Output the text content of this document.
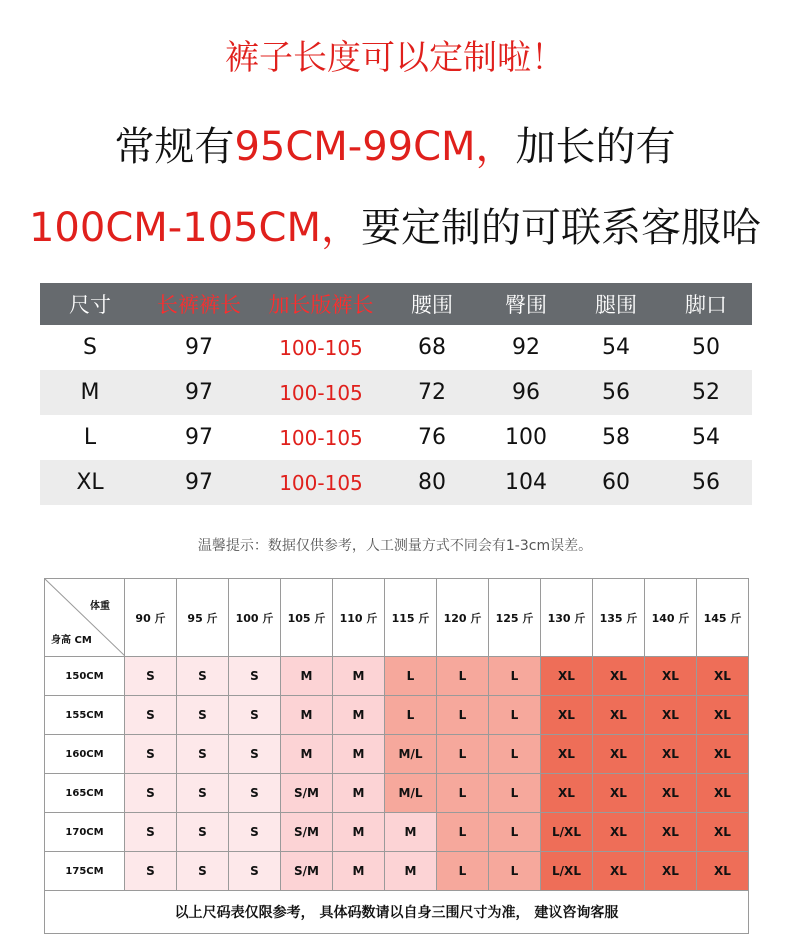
裤子长度可以定制啦！
常规有95CM-99CM，加长的有
100CM-105CM，要定制的可联系客服哈
尺寸	长裤裤长	加长版裤长	腰围	臀围	腿围	脚口
S	97	100-105	68	92	54	50
M	97	100-105	72	96	56	52
L	97	100-105	76	100	58	54
XL	97	100-105	80	104	60	56
温馨提示：数据仅供参考，人工测量方式不同会有1-3cm误差。
体重
身高 CM	90 斤	95 斤	100 斤	105 斤	110 斤	115 斤	120 斤	125 斤	130 斤	135 斤	140 斤	145 斤
150CM	S	S	S	M	M	L	L	L	XL	XL	XL	XL
155CM	S	S	S	M	M	L	L	L	XL	XL	XL	XL
160CM	S	S	S	M	M	M/L	L	L	XL	XL	XL	XL
165CM	S	S	S	S/M	M	M/L	L	L	XL	XL	XL	XL
170CM	S	S	S	S/M	M	M	L	L	L/XL	XL	XL	XL
175CM	S	S	S	S/M	M	M	L	L	L/XL	XL	XL	XL
以上尺码表仅限参考， 具体码数请以自身三围尺寸为准， 建议咨询客服												
